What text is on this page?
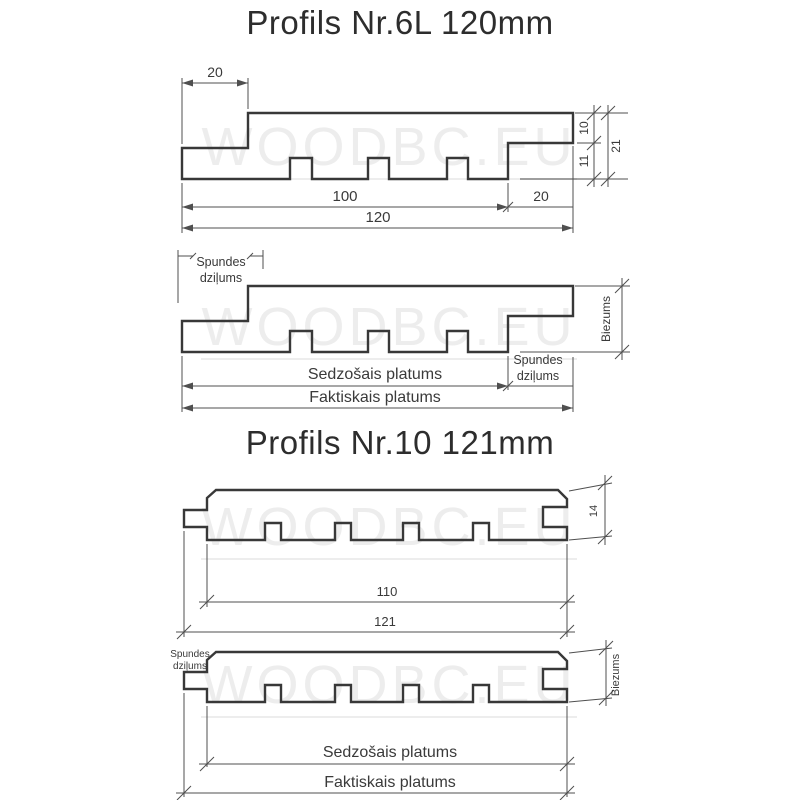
WOODBC.EU
WOODBC.EU
WOODBC.EU
WOODBC.EU
20
100	20
120
10
11
21
Spundes
dziļums
Sedzošais platums
Spundes
dziļums
Faktiskais platums
Biezums
110
121
14
Spundes
dziļums
Sedzošais platums
Faktiskais platums
Biezums
Profils Nr.6L 120mm
Profils Nr.10 121mm
